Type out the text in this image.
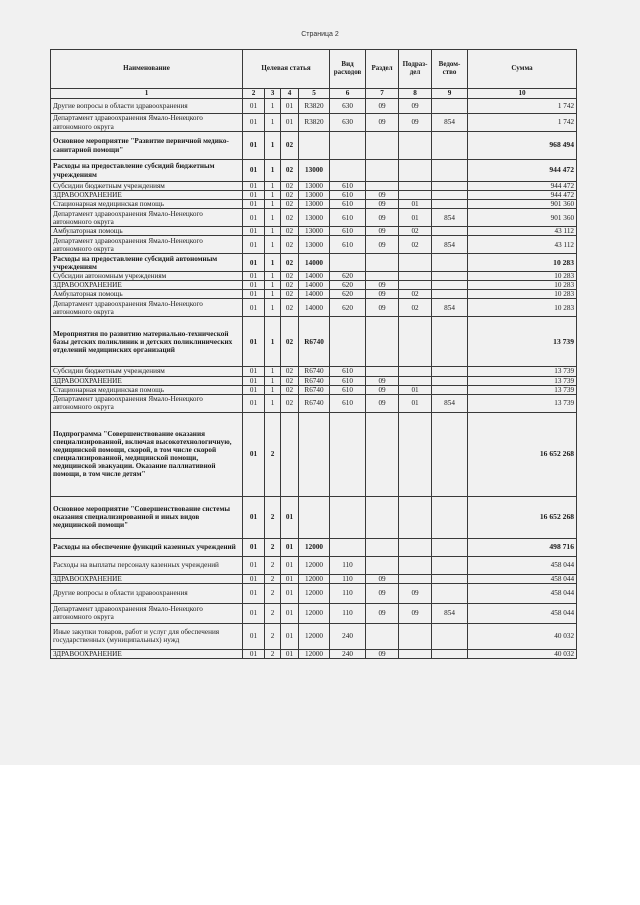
Страница 2
Наименование	Целевая статья				Вид расходов	Раздел	Подраз-дел	Ведом-ство	Сумма
1	2	3	4	5	6	7	8	9	10
Другие вопросы в области здравоохранения	01	1	01	R3820	630	09	09		1 742
Департамент здравоохранения Ямало-Ненецкого автономного округа	01	1	01	R3820	630	09	09	854	1 742
Основное мероприятие "Развитие первичной медико-санитарной помощи"	01	1	02						968 494
Расходы на предоставление субсидий бюджетным учреждениям	01	1	02	13000					944 472
Субсидии бюджетным учреждениям	01	1	02	13000	610				944 472
ЗДРАВООХРАНЕНИЕ	01	1	02	13000	610	09			944 472
Стационарная медицинская помощь	01	1	02	13000	610	09	01		901 360
Департамент здравоохранения Ямало-Ненецкого автономного округа	01	1	02	13000	610	09	01	854	901 360
Амбулаторная помощь	01	1	02	13000	610	09	02		43 112
Департамент здравоохранения Ямало-Ненецкого автономного округа	01	1	02	13000	610	09	02	854	43 112
Расходы на предоставление субсидий автономным учреждениям	01	1	02	14000					10 283
Субсидии автономным учреждениям	01	1	02	14000	620				10 283
ЗДРАВООХРАНЕНИЕ	01	1	02	14000	620	09			10 283
Амбулаторная помощь	01	1	02	14000	620	09	02		10 283
Департамент здравоохранения Ямало-Ненецкого автономного округа	01	1	02	14000	620	09	02	854	10 283
Мероприятия по развитию материально-технической базы детских поликлиник и детских поликлинических отделений медицинских организаций	01	1	02	R6740					13 739
Субсидии бюджетным учреждениям	01	1	02	R6740	610				13 739
ЗДРАВООХРАНЕНИЕ	01	1	02	R6740	610	09			13 739
Стационарная медицинская помощь	01	1	02	R6740	610	09	01		13 739
Департамент здравоохранения Ямало-Ненецкого автономного округа	01	1	02	R6740	610	09	01	854	13 739
Подпрограмма "Совершенствование оказания специализированной, включая высокотехнологичную, медицинской помощи, скорой, в том числе скорой специализированной, медицинской помощи, медицинской эвакуации. Оказание паллиативной помощи, в том числе детям"	01	2							16 652 268
Основное мероприятие "Совершенствование системы оказания специализированной и иных видов медицинской помощи"	01	2	01						16 652 268
Расходы на обеспечение функций казенных учреждений	01	2	01	12000					498 716
Расходы на выплаты персоналу казенных учреждений	01	2	01	12000	110				458 044
ЗДРАВООХРАНЕНИЕ	01	2	01	12000	110	09			458 044
Другие вопросы в области здравоохранения	01	2	01	12000	110	09	09		458 044
Департамент здравоохранения Ямало-Ненецкого автономного округа	01	2	01	12000	110	09	09	854	458 044
Иные закупки товаров, работ и услуг для обеспечения государственных (муниципальных) нужд	01	2	01	12000	240				40 032
ЗДРАВООХРАНЕНИЕ	01	2	01	12000	240	09			40 032
